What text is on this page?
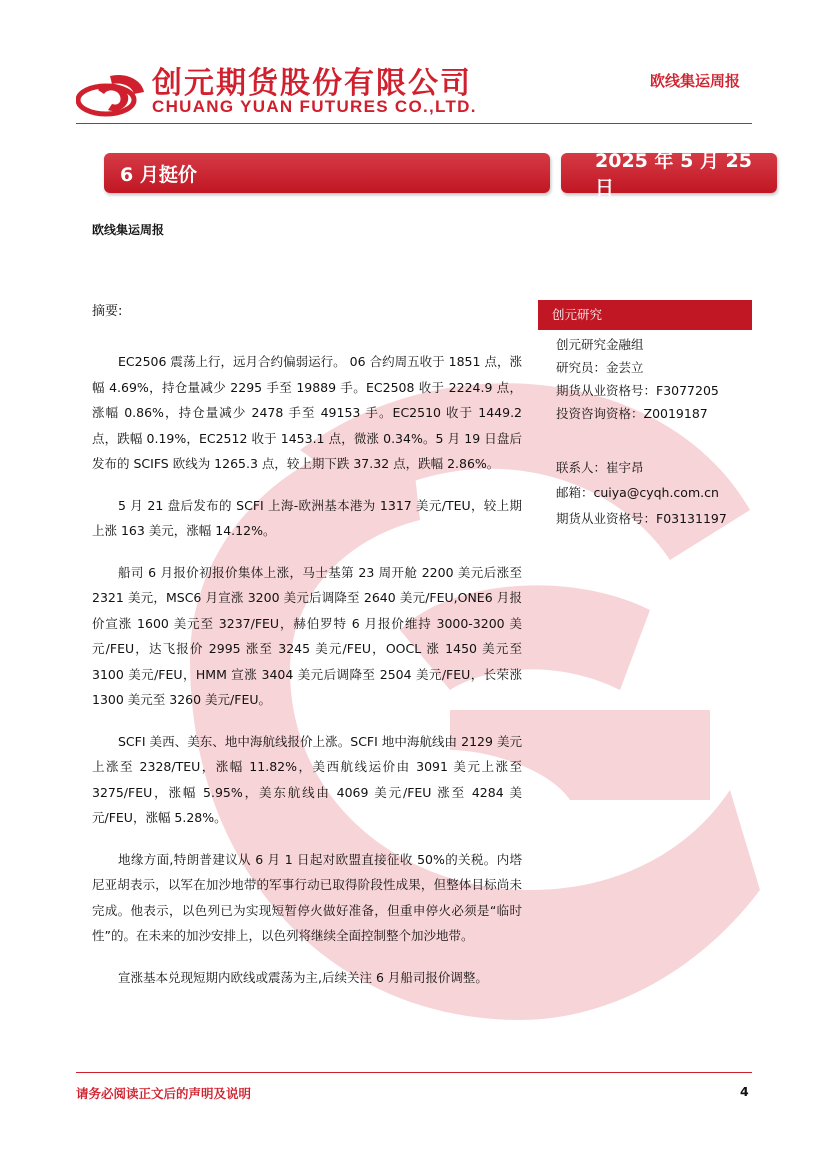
创元期货股份有限公司
CHUANG YUAN FUTURES CO.,LTD.
欧线集运周报
6 月挺价
2025 年 5 月 25 日
欧线集运周报
摘要:

EC2506 震荡上行，远月合约偏弱运行。 06 合约周五收于 1851 点，涨幅 4.69%，持仓量减少 2295 手至 19889 手。EC2508 收于 2224.9 点，涨幅 0.86%，持仓量减少 2478 手至 49153 手。EC2510 收于 1449.2 点，跌幅 0.19%，EC2512 收于 1453.1 点，微涨 0.34%。5 月 19 日盘后发布的 SCIFS 欧线为 1265.3 点，较上期下跌 37.32 点，跌幅 2.86%。

5 月 21 盘后发布的 SCFI 上海-欧洲基本港为 1317 美元/TEU，较上期上涨 163 美元，涨幅 14.12%。

船司 6 月报价初报价集体上涨，马士基第 23 周开舱 2200 美元后涨至 2321 美元，MSC6 月宣涨 3200 美元后调降至 2640 美元/FEU,ONE6 月报价宣涨 1600 美元至 3237/FEU，赫伯罗特 6 月报价维持 3000-3200 美元/FEU，达飞报价 2995 涨至 3245 美元/FEU，OOCL 涨 1450 美元至 3100 美元/FEU，HMM 宣涨 3404 美元后调降至 2504 美元/FEU，长荣涨 1300 美元至 3260 美元/FEU。

SCFI 美西、美东、地中海航线报价上涨。SCFI 地中海航线由 2129 美元上涨至 2328/TEU，涨幅 11.82%，美西航线运价由 3091 美元上涨至 3275/FEU，涨幅 5.95%，美东航线由 4069 美元/FEU 涨至 4284 美元/FEU，涨幅 5.28%。

地缘方面,特朗普建议从 6 月 1 日起对欧盟直接征收 50%的关税。内塔尼亚胡表示，以军在加沙地带的军事行动已取得阶段性成果，但整体目标尚未完成。他表示，以色列已为实现短暂停火做好准备，但重申停火必须是“临时性”的。在未来的加沙安排上，以色列将继续全面控制整个加沙地带。

宣涨基本兑现短期内欧线或震荡为主,后续关注 6 月船司报价调整。

创元研究
创元研究金融组
研究员：金芸立
期货从业资格号：F3077205
投资咨询资格：Z0019187
联系人：崔宇昂
邮箱：cuiya@cyqh.com.cn
期货从业资格号：F03131197
请务必阅读正文后的声明及说明	4
